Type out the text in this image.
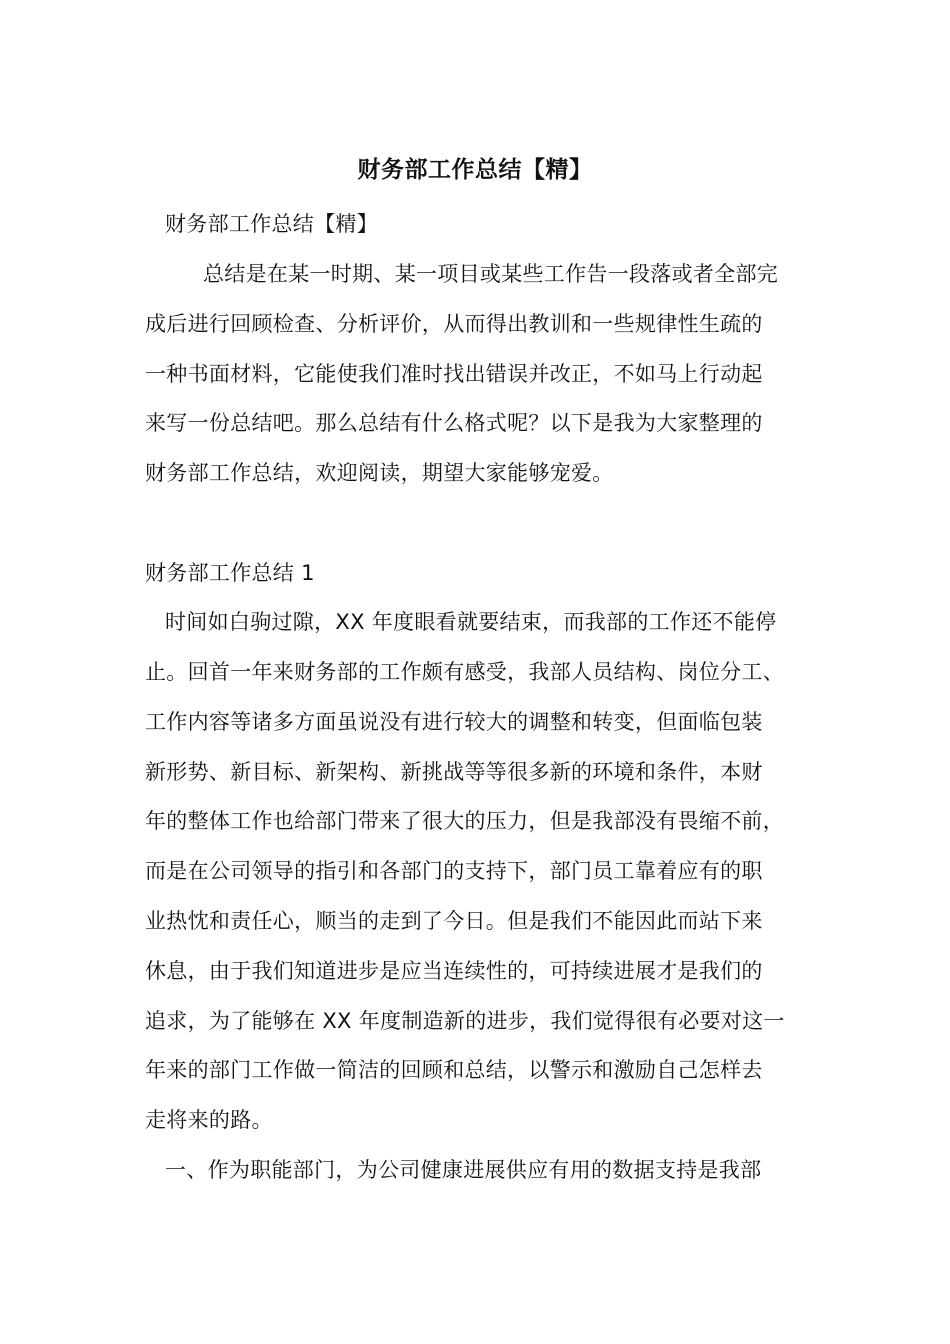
财务部工作总结【精】
财务部工作总结【精】
总结是在某一时期、某一项目或某些工作告一段落或者全部完
成后进行回顾检查、分析评价，从而得出教训和一些规律性生疏的
一种书面材料，它能使我们准时找出错误并改正，不如马上行动起
来写一份总结吧。那么总结有什么格式呢？以下是我为大家整理的
财务部工作总结，欢迎阅读，期望大家能够宠爱。
财务部工作总结 1
时间如白驹过隙，XX 年度眼看就要结束，而我部的工作还不能停
止。回首一年来财务部的工作颇有感受，我部人员结构、岗位分工、
工作内容等诸多方面虽说没有进行较大的调整和转变，但面临包装
新形势、新目标、新架构、新挑战等等很多新的环境和条件，本财
年的整体工作也给部门带来了很大的压力，但是我部没有畏缩不前，
而是在公司领导的指引和各部门的支持下，部门员工靠着应有的职
业热忱和责任心，顺当的走到了今日。但是我们不能因此而站下来
休息，由于我们知道进步是应当连续性的，可持续进展才是我们的
追求，为了能够在 XX 年度制造新的进步，我们觉得很有必要对这一
年来的部门工作做一简洁的回顾和总结，以警示和激励自己怎样去
走将来的路。
一、作为职能部门，为公司健康进展供应有用的数据支持是我部
